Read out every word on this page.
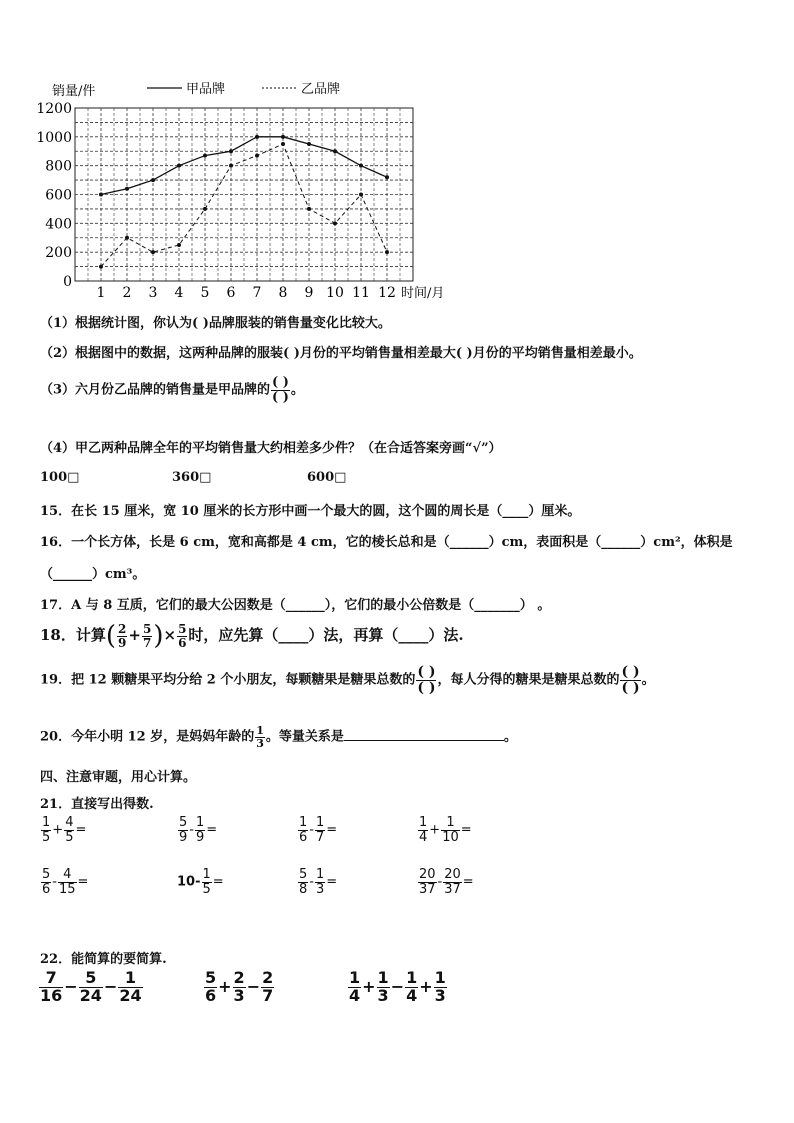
0
200
400
600
800
1000
1200
1 2 3 4 5 6 7 8 9 10 11 12 时间/月
销量/件	甲品牌	乙品牌
（1）根据统计图，你认为( )品牌服装的销售量变化比较大。
（2）根据图中的数据，这两种品牌的服装( )月份的平均销售量相差最大( )月份的平均销售量相差最小。
（3）六月份乙品牌的销售量是甲品牌的 $\frac{( )}{( )}$ 。
（4）甲乙两种品牌全年的平均销售量大约相差多少件？（在合适答案旁画“√”）
100□	360□	600□
15．在长 15 厘米，宽 10 厘米的长方形中画一个最大的圆，这个圆的周长是（____）厘米。
16．一个长方体，长是 6 cm，宽和高都是 4 cm，它的棱长总和是（______）cm，表面积是（______）cm²，体积是
（______）cm³。
17．A 与 8 互质，它们的最大公因数是（______），它们的最小公倍数是（_______） 。
18．计算( $\frac{2}{9} + \frac{5}{7}$ )× $\frac{5}{6}$ 时，应先算（____）法，再算（____）法.
19．把 12 颗糖果平均分给 2 个小朋友，每颗糖果是糖果总数的 $\frac{( )}{( )}$ ，每人分得的糖果是糖果总数的 $\frac{( )}{( )}$ 。
20．今年小明 12 岁，是妈妈年龄的 $\frac{1}{3}$ 。等量关系是	。
四、注意审题，用心计算。
21．直接写出得数.
$\frac{1}{5} + \frac{4}{5}$ =	$\frac{5}{9} - \frac{1}{9}$ =	$\frac{1}{6} - \frac{1}{7}$ =	$\frac{1}{4} + \frac{1}{10}$ =
$\frac{5}{6} - \frac{4}{15}$ =	$10- \frac{1}{5}$ =	$\frac{5}{8} - \frac{1}{3}$ =	$\frac{20}{37} - \frac{20}{37}$ =
22．能简算的要简算.
$\frac{7}{16} - \frac{5}{24} - \frac{1}{24}$	$\frac{5}{6} + \frac{2}{3} - \frac{2}{7}$	$\frac{1}{4} + \frac{1}{3} - \frac{1}{4} + \frac{1}{3}$
